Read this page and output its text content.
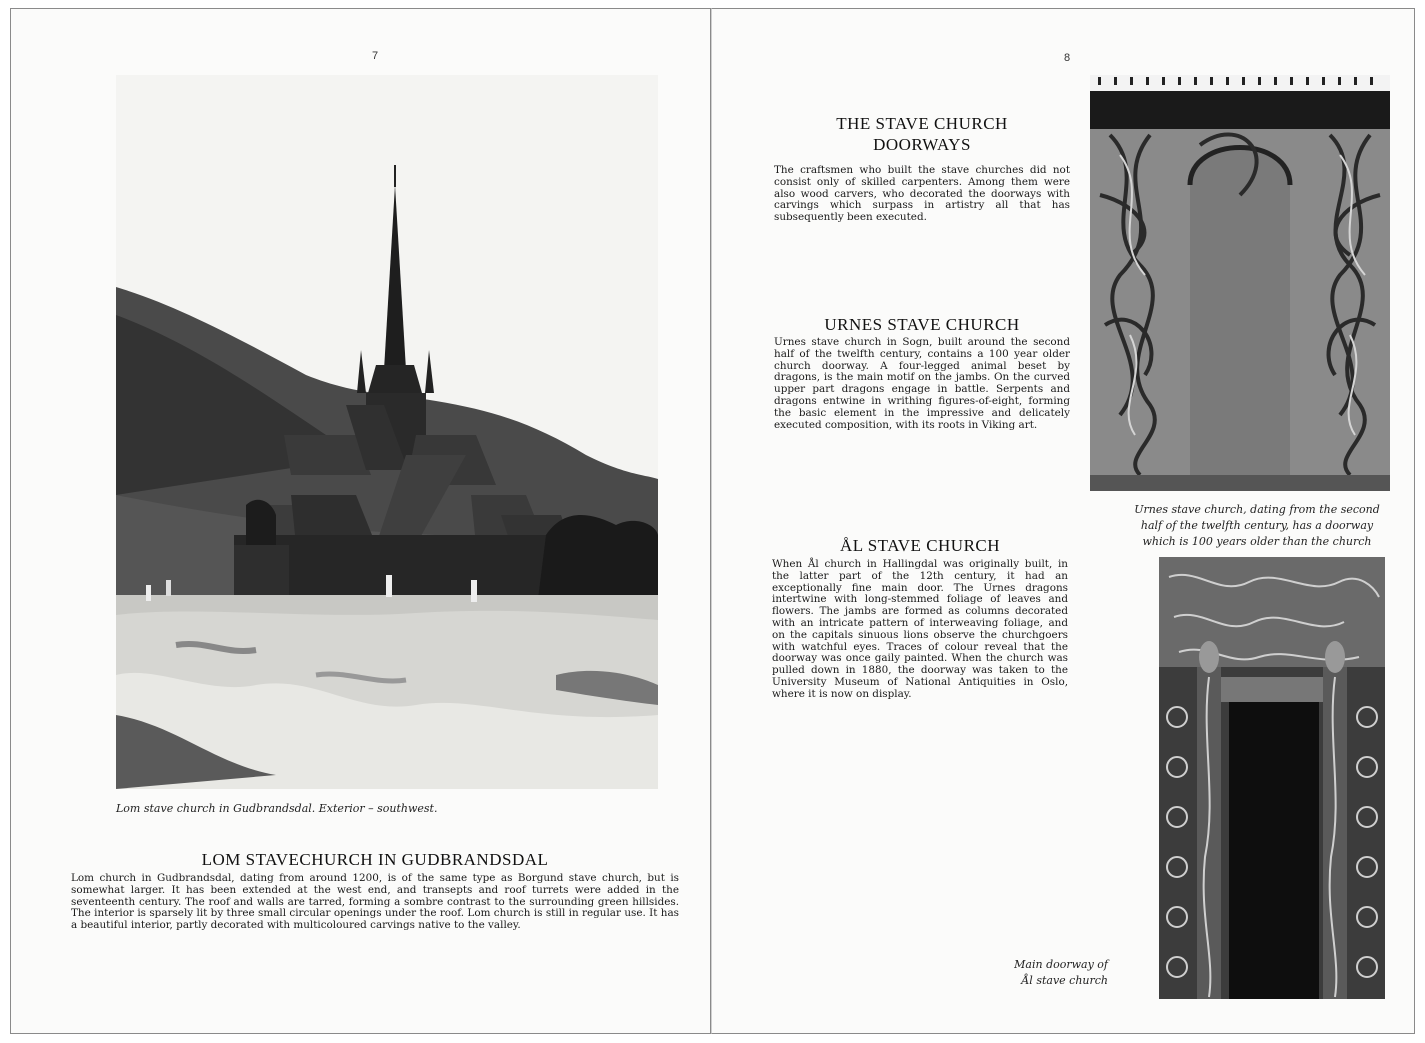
7
Lom stave church in Gudbrandsdal. Exterior – southwest.
LOM STAVECHURCH IN GUDBRANDSDAL
Lom church in Gudbrandsdal, dating from around 1200, is of the same type as Borgund stave church, but is somewhat larger. It has been extended at the west end, and transepts and roof turrets were added in the seventeenth century. The roof and walls are tarred, forming a sombre contrast to the surrounding green hillsides. The interior is sparsely lit by three small circular openings under the roof. Lom church is still in regular use. It has a beautiful interior, partly decorated with multicoloured carvings native to the valley.
8
THE STAVE CHURCH
DOORWAYS
The craftsmen who built the stave churches did not consist only of skilled carpenters. Among them were also wood carvers, who decorated the doorways with carvings which surpass in artistry all that has subsequently been executed.
URNES STAVE CHURCH
Urnes stave church in Sogn, built around the second half of the twelfth century, contains a 100 year older church doorway. A four-legged animal beset by dragons, is the main motif on the jambs. On the curved upper part dragons engage in battle. Serpents and dragons entwine in writhing figures-of-eight, forming the basic element in the impressive and delicately executed composition, with its roots in Viking art.
Urnes stave church, dating from the second
half of the twelfth century, has a doorway
which is 100 years older than the church
ÅL STAVE CHURCH
When Ål church in Hallingdal was originally built, in the latter part of the 12th century, it had an exceptionally fine main door. The Urnes dragons intertwine with long-stemmed foliage of leaves and flowers. The jambs are formed as columns decorated with an intricate pattern of interweaving foliage, and on the capitals sinuous lions observe the churchgoers with watchful eyes. Traces of colour reveal that the doorway was once gaily painted. When the church was pulled down in 1880, the doorway was taken to the University Museum of National Antiquities in Oslo, where it is now on display.
Main doorway of
Ål stave church
